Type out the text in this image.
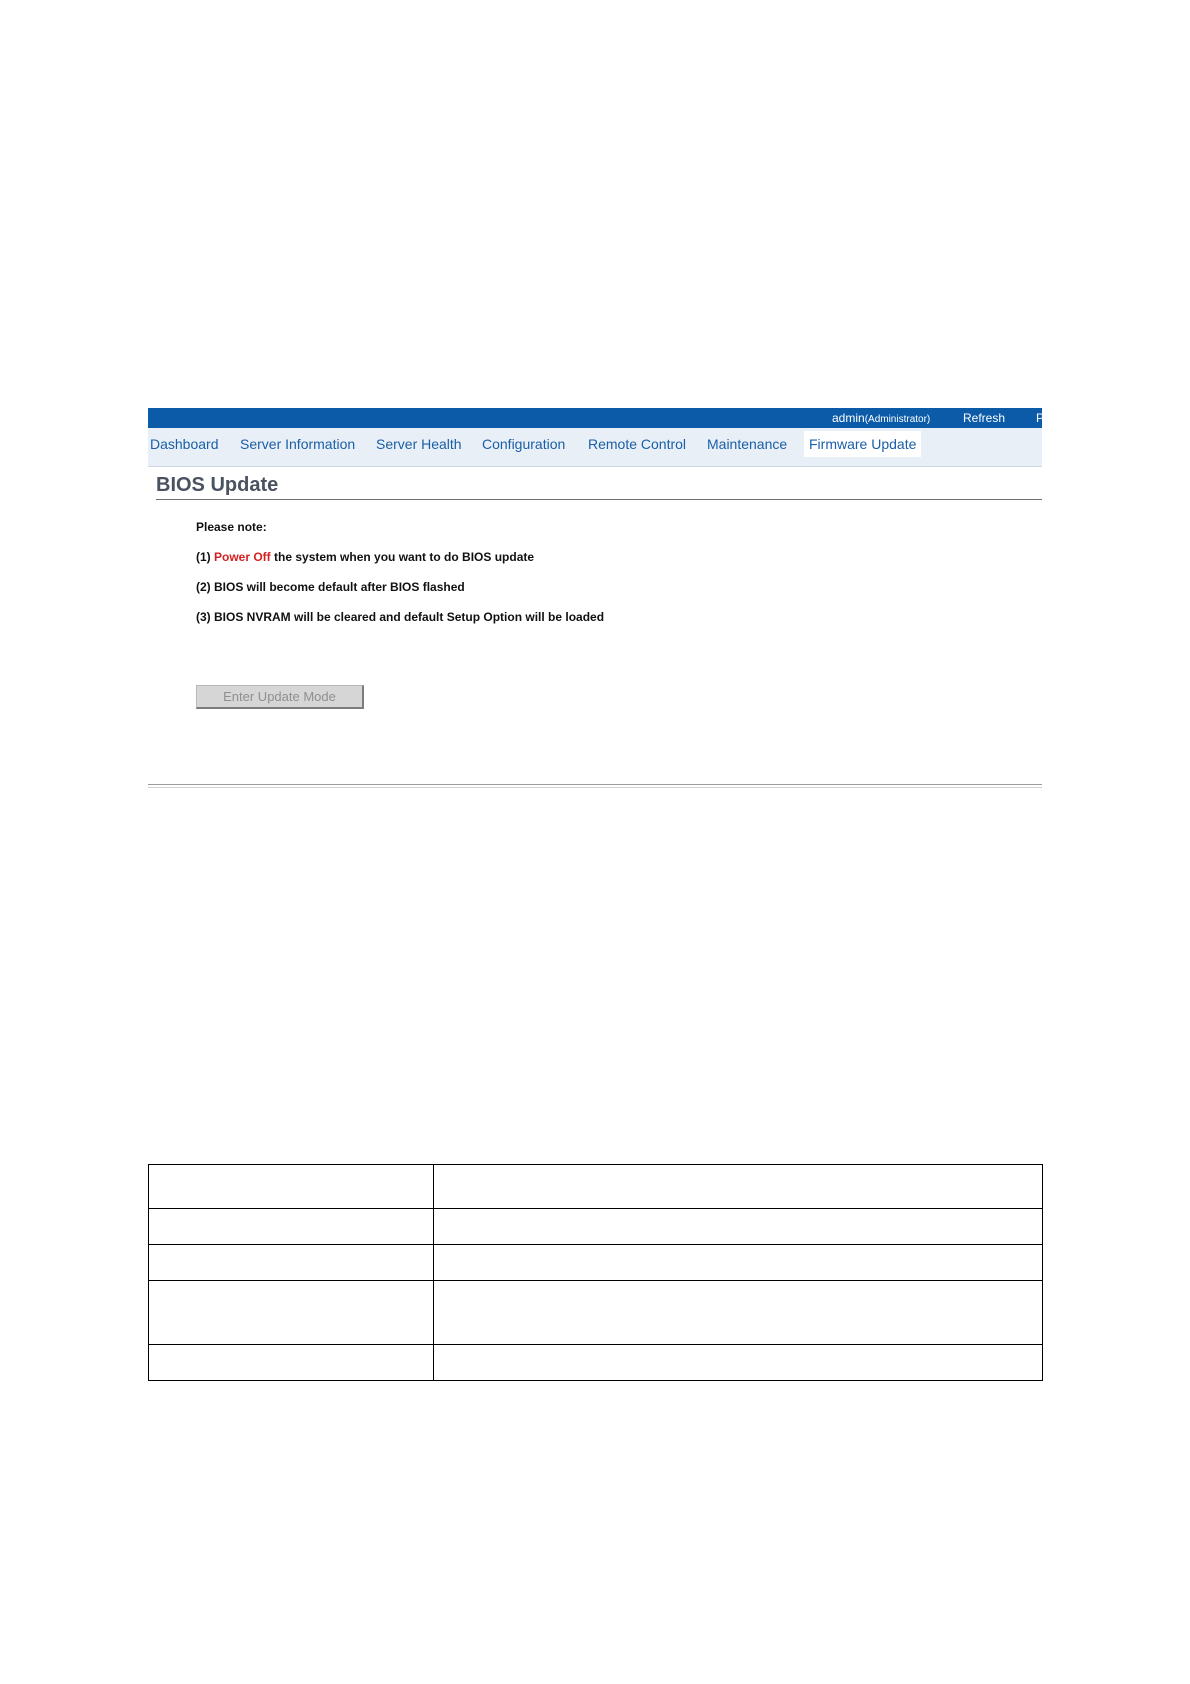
admin(Administrator)	Refresh	P
Dashboard Server Information Server Health Configuration Remote Control Maintenance	Firmware Update
BIOS Update
Please note:
(1) Power Off the system when you want to do BIOS update
(2) BIOS will become default after BIOS flashed
(3) BIOS NVRAM will be cleared and default Setup Option will be loaded
Enter Update Mode
